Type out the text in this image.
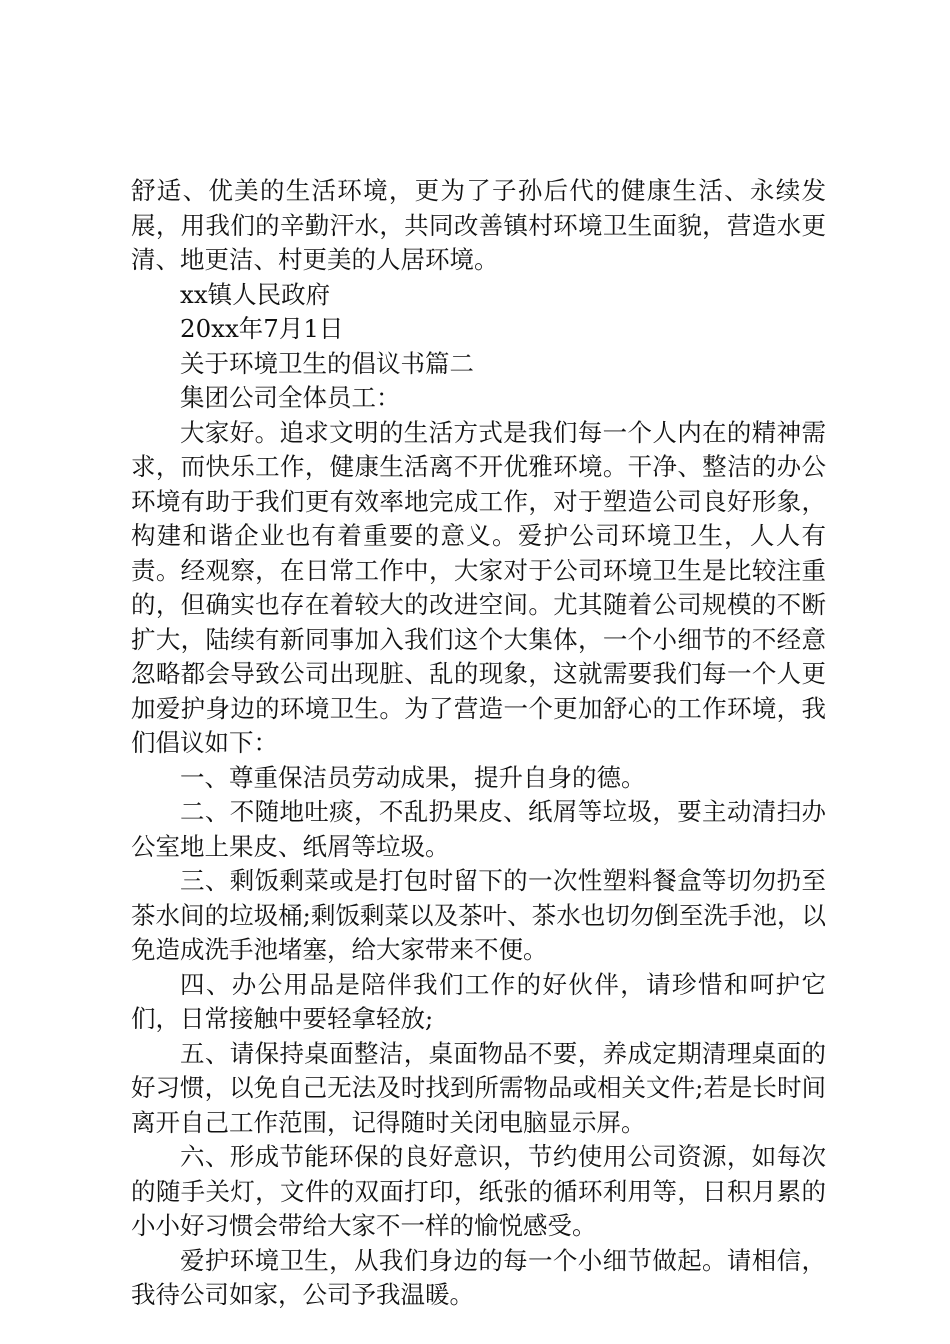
舒适、优美的生活环境，更为了子孙后代的健康生活、永续发展，用我们的辛勤汗水，共同改善镇村环境卫生面貌，营造水更清、地更洁、村更美的人居环境。

xx镇人民政府

20xx年7月1日

关于环境卫生的倡议书篇二

集团公司全体员工：

大家好。追求文明的生活方式是我们每一个人内在的精神需求，而快乐工作，健康生活离不开优雅环境。干净、整洁的办公环境有助于我们更有效率地完成工作，对于塑造公司良好形象，构建和谐企业也有着重要的意义。爱护公司环境卫生，人人有责。经观察，在日常工作中，大家对于公司环境卫生是比较注重的，但确实也存在着较大的改进空间。尤其随着公司规模的不断扩大，陆续有新同事加入我们这个大集体，一个小细节的不经意忽略都会导致公司出现脏、乱的现象，这就需要我们每一个人更加爱护身边的环境卫生。为了营造一个更加舒心的工作环境，我们倡议如下：

一、尊重保洁员劳动成果，提升自身的德。

二、不随地吐痰，不乱扔果皮、纸屑等垃圾，要主动清扫办公室地上果皮、纸屑等垃圾。

三、剩饭剩菜或是打包时留下的一次性塑料餐盒等切勿扔至茶水间的垃圾桶;剩饭剩菜以及茶叶、茶水也切勿倒至洗手池，以免造成洗手池堵塞，给大家带来不便。

四、办公用品是陪伴我们工作的好伙伴，请珍惜和呵护它们，日常接触中要轻拿轻放;

五、请保持桌面整洁，桌面物品不要，养成定期清理桌面的好习惯，以免自己无法及时找到所需物品或相关文件;若是长时间离开自己工作范围，记得随时关闭电脑显示屏。

六、形成节能环保的良好意识，节约使用公司资源，如每次的随手关灯，文件的双面打印，纸张的循环利用等，日积月累的小小好习惯会带给大家不一样的愉悦感受。

爱护环境卫生，从我们身边的每一个小细节做起。请相信，我待公司如家，公司予我温暖。
